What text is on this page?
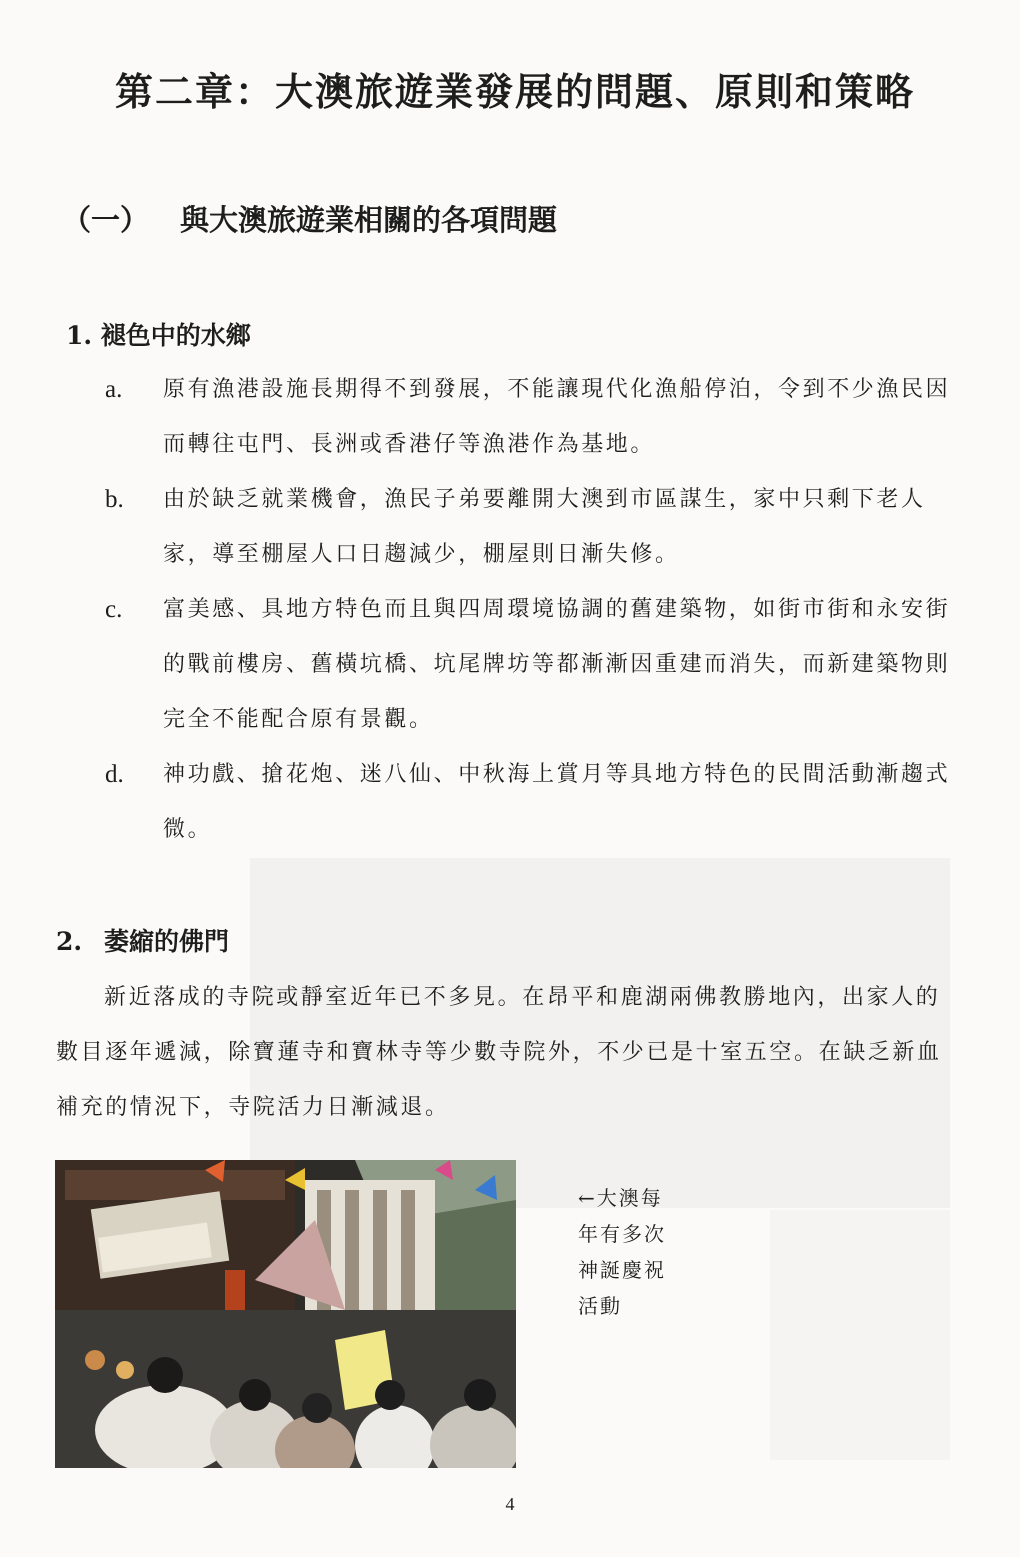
第二章：大澳旅遊業發展的問題、原則和策略
（一） 與大澳旅遊業相關的各項問題
1. 褪色中的水鄉
a.	原有漁港設施長期得不到發展，不能讓現代化漁船停泊，令到不少漁民因而轉往屯門、長洲或香港仔等漁港作為基地。
b.	由於缺乏就業機會，漁民子弟要離開大澳到市區謀生，家中只剩下老人家，導至棚屋人口日趨減少，棚屋則日漸失修。
c.	富美感、具地方特色而且與四周環境協調的舊建築物，如街市街和永安街的戰前樓房、舊橫坑橋、坑尾牌坊等都漸漸因重建而消失，而新建築物則完全不能配合原有景觀。
d.	神功戲、搶花炮、迷八仙、中秋海上賞月等具地方特色的民間活動漸趨式微。
2. 萎縮的佛門
新近落成的寺院或靜室近年已不多見。在昂平和鹿湖兩佛教勝地內，出家人的數目逐年遞減，除寶蓮寺和寶林寺等少數寺院外，不少已是十室五空。在缺乏新血補充的情況下，寺院活力日漸減退。
←大澳每
年有多次
神誕慶祝
活動
4
